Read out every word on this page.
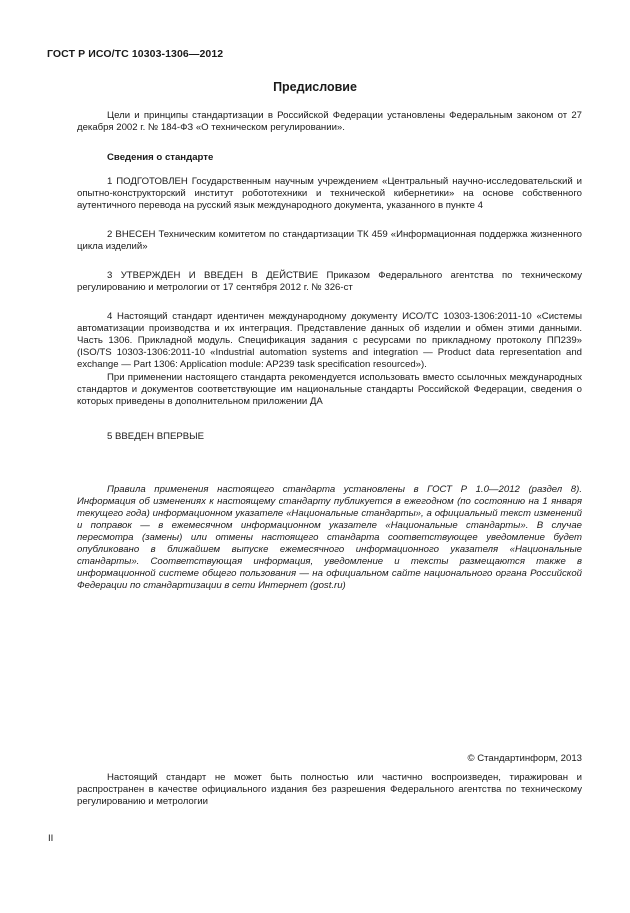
ГОСТ Р ИСО/ТС 10303-1306—2012
Предисловие
Цели и принципы стандартизации в Российской Федерации установлены Федеральным законом от 27 декабря 2002 г. № 184-ФЗ «О техническом регулировании».
Сведения о стандарте
1 ПОДГОТОВЛЕН Государственным научным учреждением «Центральный научно-исследовательский и опытно-конструкторский институт робототехники и технической кибернетики» на основе собственного аутентичного перевода на русский язык международного документа, указанного в пункте 4
2 ВНЕСЕН Техническим комитетом по стандартизации ТК 459 «Информационная поддержка жизненного цикла изделий»
3 УТВЕРЖДЕН И ВВЕДЕН В ДЕЙСТВИЕ Приказом Федерального агентства по техническому регулированию и метрологии от 17 сентября 2012 г. № 326-ст
4 Настоящий стандарт идентичен международному документу ИСО/ТС 10303-1306:2011-10 «Системы автоматизации производства и их интеграция. Представление данных об изделии и обмен этими данными. Часть 1306. Прикладной модуль. Спецификация задания с ресурсами по прикладному протоколу ПП239» (ISO/TS 10303-1306:2011-10 «Industrial automation systems and integration — Product data representation and exchange — Part 1306: Application module: AP239 task specification resourced»).
При применении настоящего стандарта рекомендуется использовать вместо ссылочных международных стандартов и документов соответствующие им национальные стандарты Российской Федерации, сведения о которых приведены в дополнительном приложении ДА
5 ВВЕДЕН ВПЕРВЫЕ
Правила применения настоящего стандарта установлены в ГОСТ Р 1.0—2012 (раздел 8). Информация об изменениях к настоящему стандарту публикуется в ежегодном (по состоянию на 1 января текущего года) информационном указателе «Национальные стандарты», а официальный текст изменений и поправок — в ежемесячном информационном указателе «Национальные стандарты». В случае пересмотра (замены) или отмены настоящего стандарта соответствующее уведомление будет опубликовано в ближайшем выпуске ежемесячного информационного указателя «Национальные стандарты». Соответствующая информация, уведомление и тексты размещаются также в информационной системе общего пользования — на официальном сайте национального органа Российской Федерации по стандартизации в сети Интернет (gost.ru)
© Стандартинформ, 2013
Настоящий стандарт не может быть полностью или частично воспроизведен, тиражирован и распространен в качестве официального издания без разрешения Федерального агентства по техническому регулированию и метрологии
II
